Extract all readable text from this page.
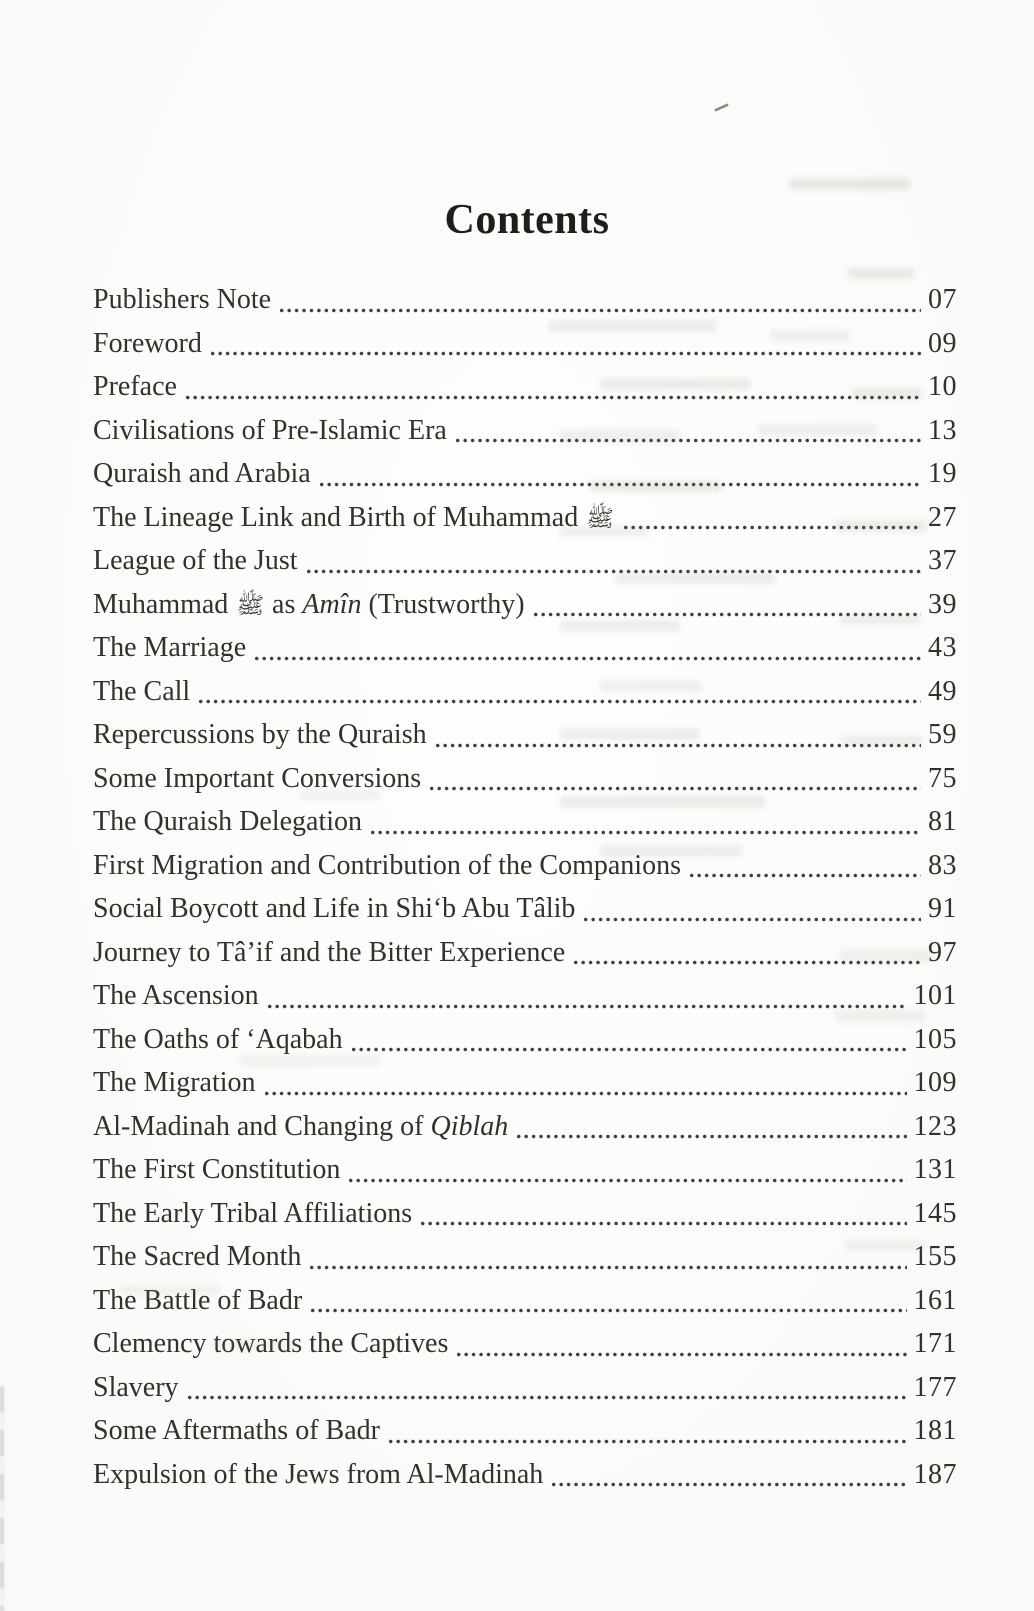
Contents
Publishers Note	07
Foreword	09
Preface	10
Civilisations of Pre-Islamic Era	13
Quraish and Arabia	19
The Lineage Link and Birth of Muhammad ﷺ	27
League of the Just	37
Muhammad ﷺ as Amîn (Trustworthy)	39
The Marriage	43
The Call	49
Repercussions by the Quraish	59
Some Important Conversions	75
The Quraish Delegation	81
First Migration and Contribution of the Companions	83
Social Boycott and Life in Shi‘b Abu Tâlib	91
Journey to Tâ’if and the Bitter Experience	97
The Ascension	101
The Oaths of ‘Aqabah	105
The Migration	109
Al-Madinah and Changing of Qiblah	123
The First Constitution	131
The Early Tribal Affiliations	145
The Sacred Month	155
The Battle of Badr	161
Clemency towards the Captives	171
Slavery	177
Some Aftermaths of Badr	181
Expulsion of the Jews from Al-Madinah	187
